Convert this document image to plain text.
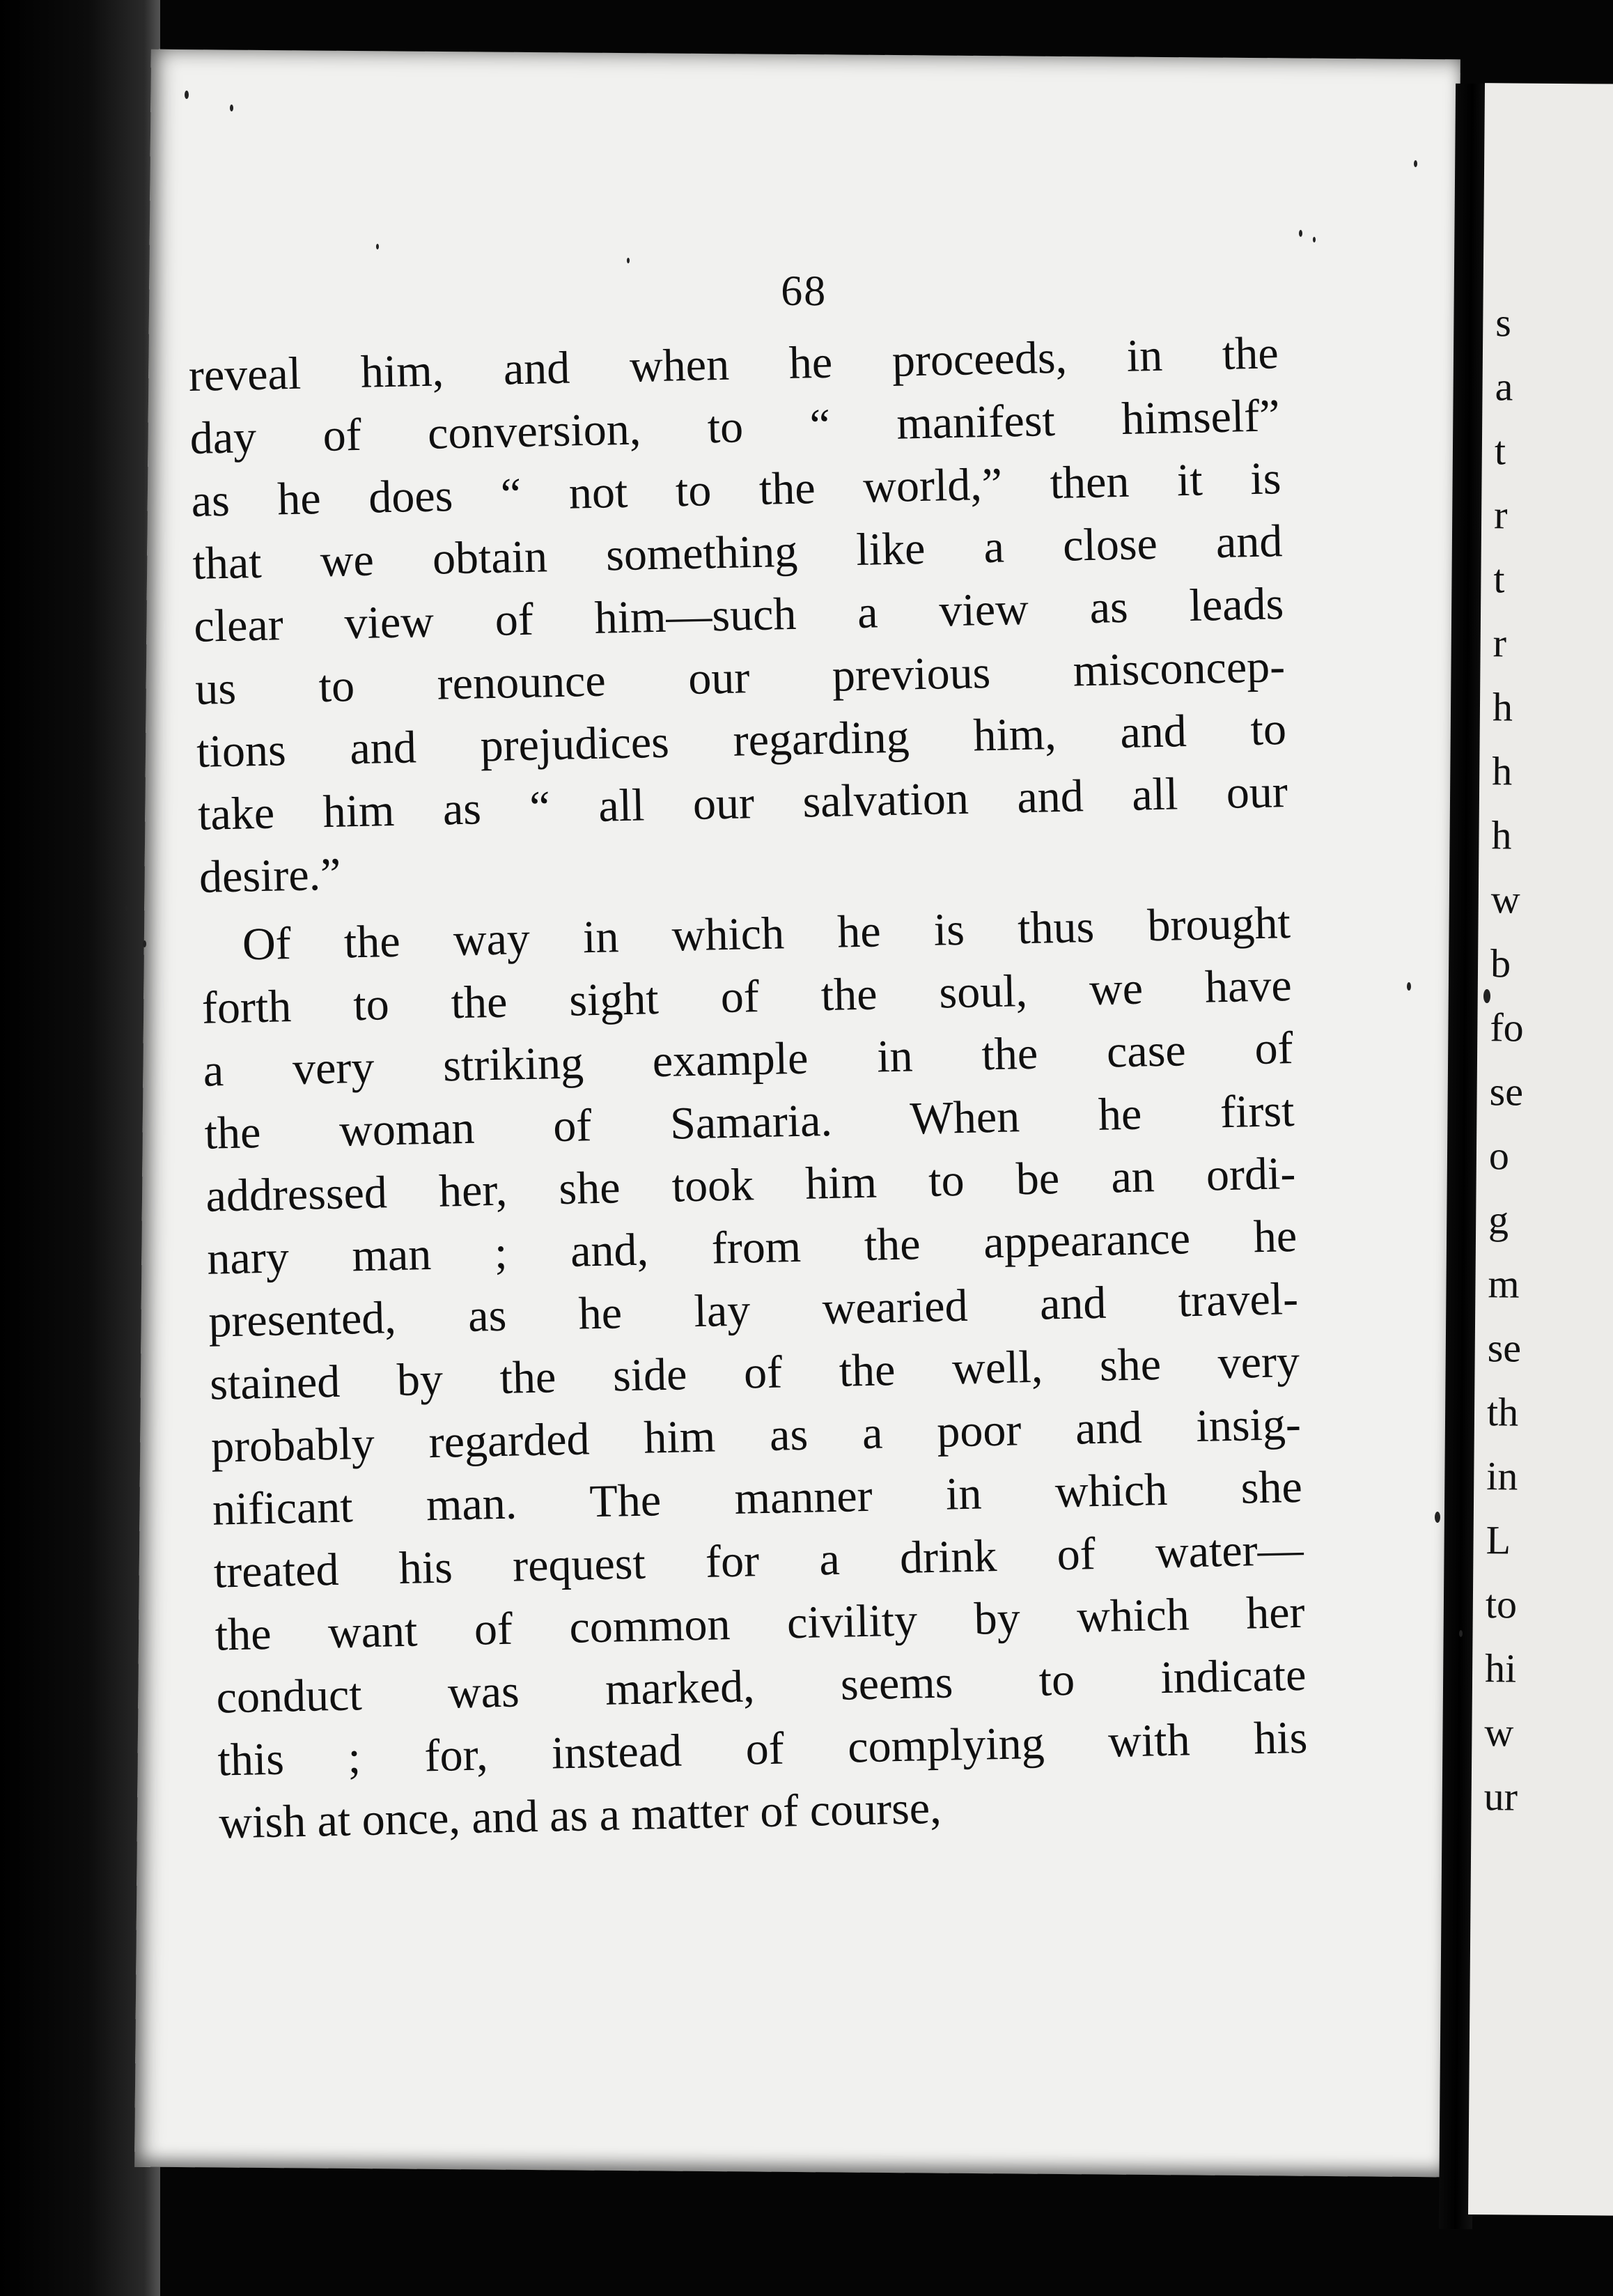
68
s
a
t
r
t
r
h
h
h
w
b
fo
se
o
g
m
se
th
in
L
to
hi
w
ur
reveal him, and when he proceeds, in the
day of conversion, to “ manifest himself”
as he does “ not to the world,” then it is
that we obtain something like a close and
clear view of him—such a view as leads
us to renounce our previous misconcep-
tions and prejudices regarding him, and to
take him as “ all our salvation and all our
desire.”
Of the way in which he is thus brought
forth to the sight of the soul, we have
a very striking example in the case of
the woman of Samaria. When he first
addressed her, she took him to be an ordi-
nary man ; and, from the appearance he
presented, as he lay wearied and travel-
stained by the side of the well, she very
probably regarded him as a poor and insig-
nificant man. The manner in which she
treated his request for a drink of water—
the want of common civility by which her
conduct was marked, seems to indicate
this ; for, instead of complying with his
wish at once, and as a matter of course,
